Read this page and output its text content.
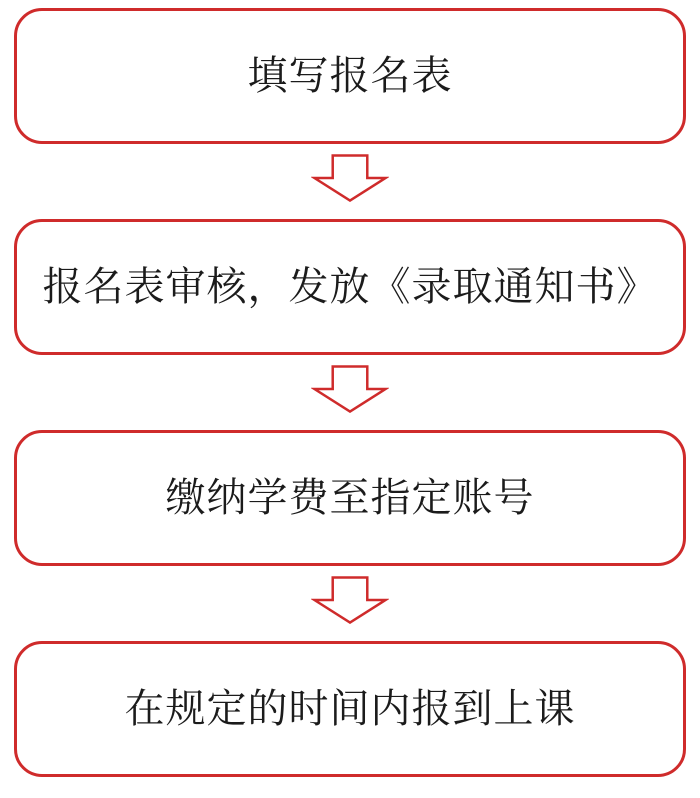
填写报名表
报名表审核，发放《录取通知书》
缴纳学费至指定账号
在规定的时间内报到上课
